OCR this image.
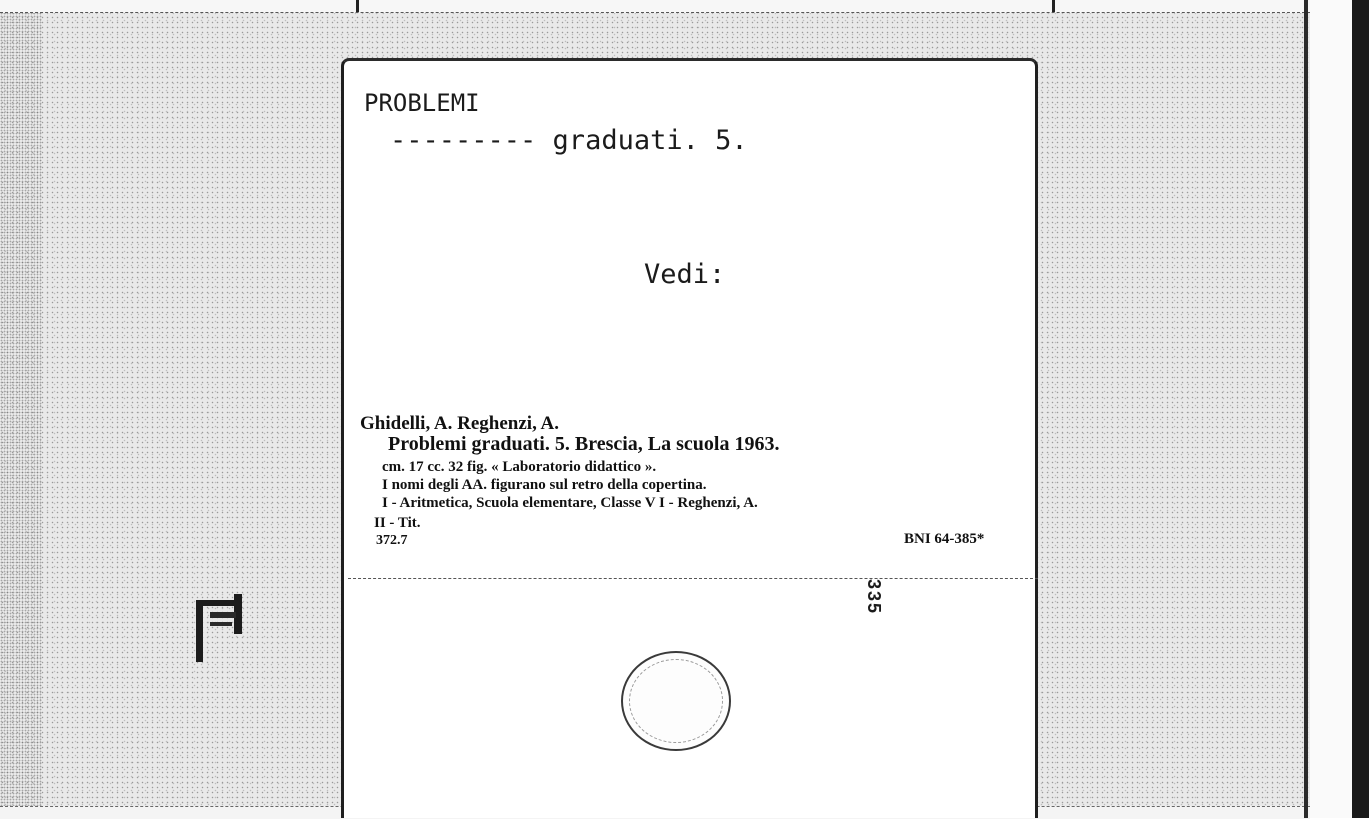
PROBLEMI
--------- graduati. 5.
Vedi:
Ghidelli, A. Reghenzi, A.
Problemi graduati. 5. Brescia, La scuola 1963.
cm. 17 cc. 32 fig. « Laboratorio didattico ».
I nomi degli AA. figurano sul retro della copertina.
I - Aritmetica, Scuola elementare, Classe V I - Reghenzi, A.
II - Tit.
372.7	BNI 64-385*
335
